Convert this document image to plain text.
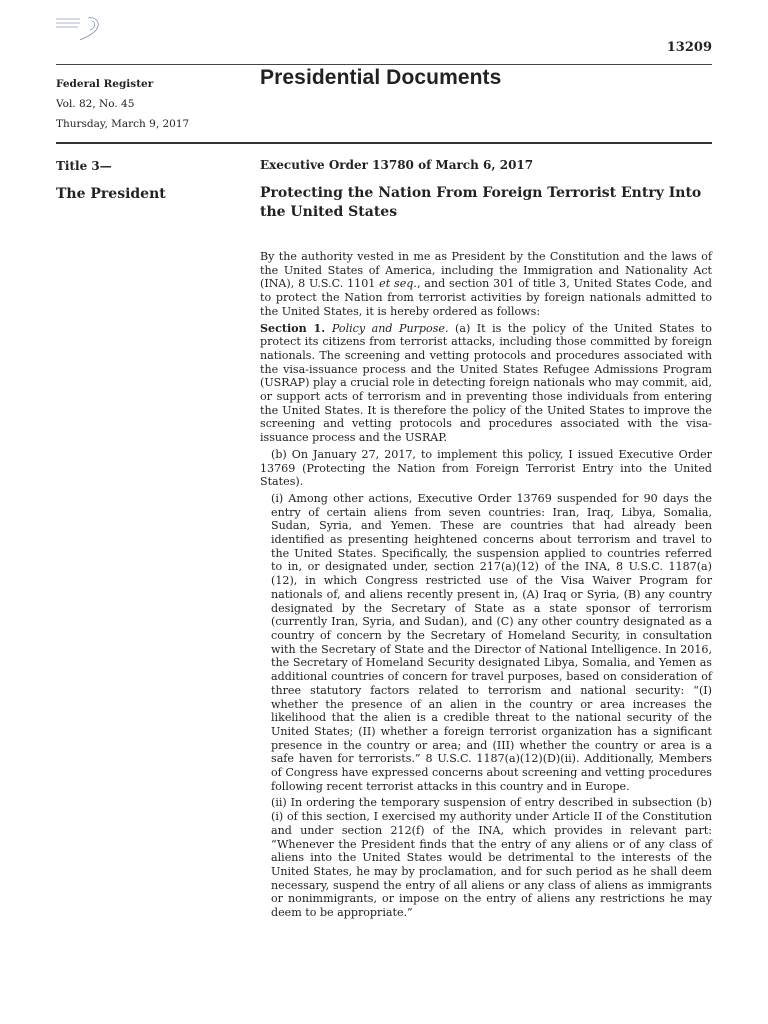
13209
Federal Register
Vol. 82, No. 45
Thursday, March 9, 2017
Presidential Documents
Title 3—
The President
Executive Order 13780 of March 6, 2017
Protecting the Nation From Foreign Terrorist Entry Into the United States

By the authority vested in me as President by the Constitution and the laws of the United States of America, including the Immigration and Nationality Act (INA), 8 U.S.C. 1101 et seq., and section 301 of title 3, United States Code, and to protect the Nation from terrorist activities by foreign nationals admitted to the United States, it is hereby ordered as follows:

Section 1. Policy and Purpose. (a) It is the policy of the United States to protect its citizens from terrorist attacks, including those committed by foreign nationals. The screening and vetting protocols and procedures associated with the visa-issuance process and the United States Refugee Admissions Program (USRAP) play a crucial role in detecting foreign nationals who may commit, aid, or support acts of terrorism and in preventing those individuals from entering the United States. It is therefore the policy of the United States to improve the screening and vetting protocols and procedures associated with the visa-issuance process and the USRAP.

(b) On January 27, 2017, to implement this policy, I issued Executive Order 13769 (Protecting the Nation from Foreign Terrorist Entry into the United States).

(i) Among other actions, Executive Order 13769 suspended for 90 days the entry of certain aliens from seven countries: Iran, Iraq, Libya, Somalia, Sudan, Syria, and Yemen. These are countries that had already been identified as presenting heightened concerns about terrorism and travel to the United States. Specifically, the suspension applied to countries referred to in, or designated under, section 217(a)(12) of the INA, 8 U.S.C. 1187(a)(12), in which Congress restricted use of the Visa Waiver Program for nationals of, and aliens recently present in, (A) Iraq or Syria, (B) any country designated by the Secretary of State as a state sponsor of terrorism (currently Iran, Syria, and Sudan), and (C) any other country designated as a country of concern by the Secretary of Homeland Security, in consultation with the Secretary of State and the Director of National Intelligence. In 2016, the Secretary of Homeland Security designated Libya, Somalia, and Yemen as additional countries of concern for travel purposes, based on consideration of three statutory factors related to terrorism and national security: “(I) whether the presence of an alien in the country or area increases the likelihood that the alien is a credible threat to the national security of the United States; (II) whether a foreign terrorist organization has a significant presence in the country or area; and (III) whether the country or area is a safe haven for terrorists.” 8 U.S.C. 1187(a)(12)(D)(ii). Additionally, Members of Congress have expressed concerns about screening and vetting procedures following recent terrorist attacks in this country and in Europe.

(ii) In ordering the temporary suspension of entry described in subsection (b)(i) of this section, I exercised my authority under Article II of the Constitution and under section 212(f) of the INA, which provides in relevant part: “Whenever the President finds that the entry of any aliens or of any class of aliens into the United States would be detrimental to the interests of the United States, he may by proclamation, and for such period as he shall deem necessary, suspend the entry of all aliens or any class of aliens as immigrants or nonimmigrants, or impose on the entry of aliens any restrictions he may deem to be appropriate.”
